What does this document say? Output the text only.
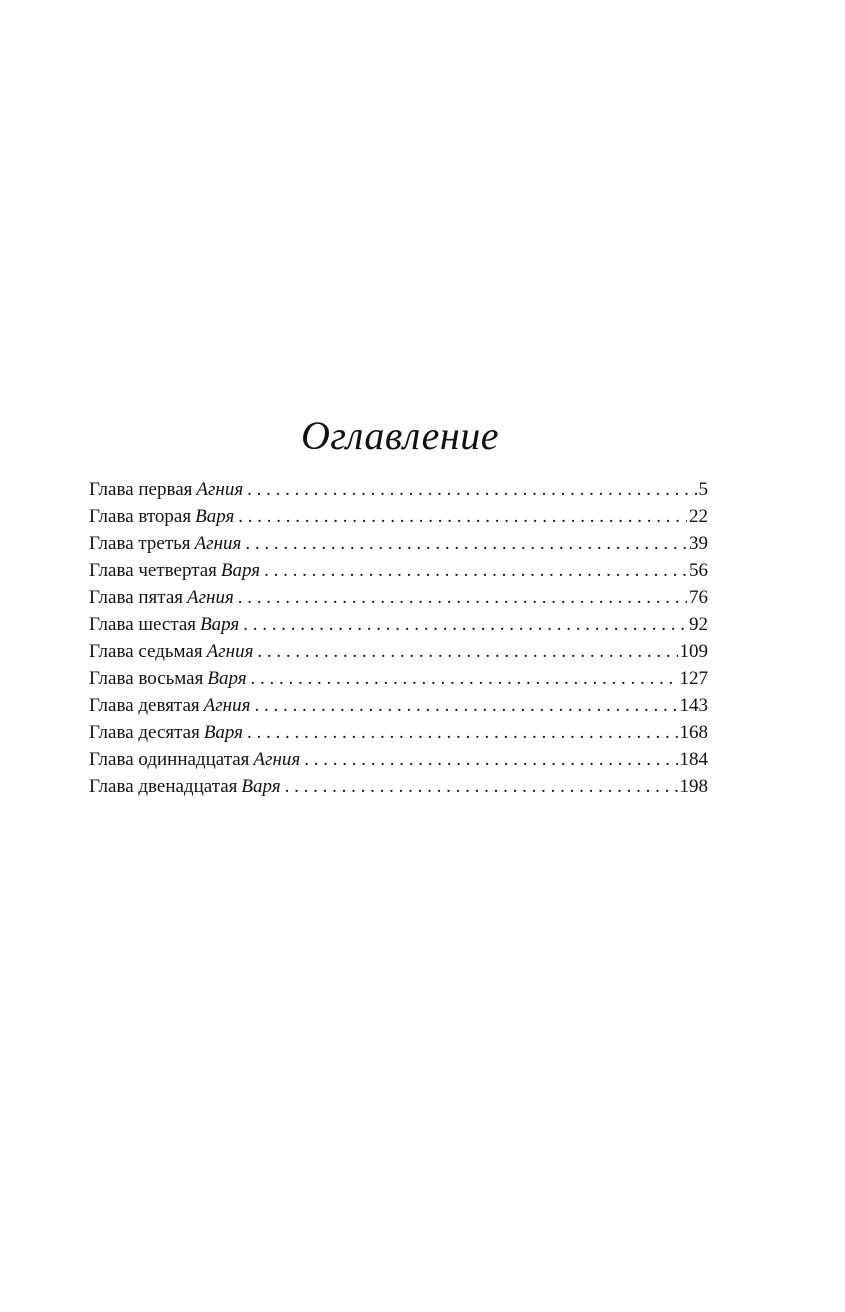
Оглавление
Глава первая Агния . . .	5
Глава вторая Варя . . .	22
Глава третья Агния . . .	39
Глава четвертая Варя . . .	56
Глава пятая Агния . . .	76
Глава шестая Варя . . .	92
Глава седьмая Агния . . .	109
Глава восьмая Варя . . .	127
Глава девятая Агния . . .	143
Глава десятая Варя . . .	168
Глава одиннадцатая Агния . . .	184
Глава двенадцатая Варя . . .	198
